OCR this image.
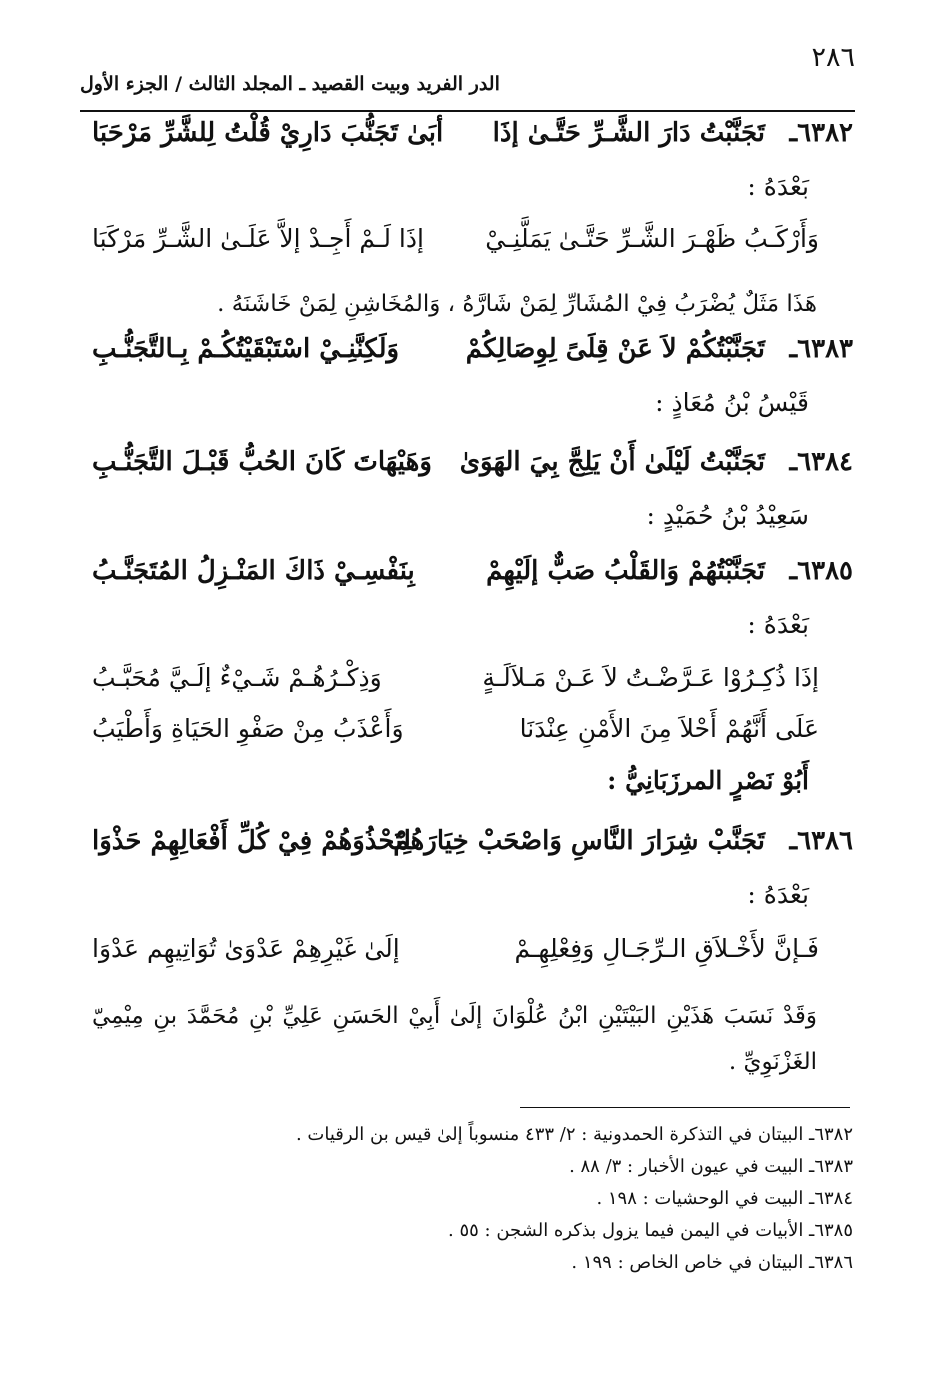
٢٨٦
الدر الفريد وبيت القصيد ـ المجلد الثالث / الجزء الأول
٦٣٨٢ـ
تَجَنَّبْتُ دَارَ الشَّـرِّ حَتَّـىٰ إذَا
أبَىٰ تَجَنُّبَ دَارِيْ قُلْتُ لِلشَّرِّ مَرْحَبَا
بَعْدَهُ :
وَأَرْكَـبُ ظَهْـرَ الشَّـرِّ حَتَّـىٰ يَمَلَّنِـيْ
إذَا لَـمْ أَجِـدْ إلاَّ عَلَـىٰ الشَّـرِّ مَرْكَبَا
هَذَا مَثَلٌ يُضْرَبُ فِيْ المُشَارِّ لِمَنْ شَارَّهُ ، وَالمُخَاشِنِ لِمَنْ خَاشَنَهُ .
٦٣٨٣ـ
تَجَنَّبْتُكُمْ لاَ عَنْ قِلَىً لِوِصَالِكُمْ
وَلَكِنَّنِـيْ اسْتَبْقَيْتُكُـمْ بِـالتَّجَنُّـبِ
قَيْسُ بْنُ مُعَاذٍ :
٦٣٨٤ـ
تَجَنَّبْتُ لَيْلَىٰ أَنْ يَلِجَّ بِيَ الهَوَىٰ
وَهَيْهَاتَ كَانَ الحُبُّ قَبْـلَ التَّجَنُّـبِ
سَعِيْدُ بْنُ حُمَيْدٍ :
٦٣٨٥ـ
تَجَنَّبْتُهُمْ وَالقَلْبُ صَبٌّ إلَيْهِمْ
بِنَفْسِـيْ ذَاكَ المَنْـزِلُ المُتَجَنَّـبُ
بَعْدَهُ :
إذَا ذُكِـرُوْا عَـرَّضْـتُ لاَ عَـنْ مَـلاَلَـةٍ
وَذِكْـرُهُـمْ شَـيْءٌ إلَـيَّ مُحَبَّـبُ
عَلَى أَنَّهُمْ أَحْلاَ مِنَ الأَمْنِ عِنْدَنَا
وَأَعْذَبُ مِنْ صَفْوِ الحَيَاةِ وَأَطْيَبُ
أَبُوْ نَصْرٍ المرزَبَانِيُّ :
٦٣٨٦ـ
تَجَنَّبْ شِرَارَ النَّاسِ وَاصْحَبْ خِيَارَهُمْ
لِتَحْذُوَهُمْ فِيْ كُلِّ أَفْعَالِهِمْ حَذْوَا
بَعْدَهُ :
فَـإنَّ لأَخْـلاَقِ الـرِّجَـالِ وَفِعْلِهِـمْ
إلَىٰ غَيْرِهِمْ عَدْوَىٰ تُوَاتِيهِم عَدْوَا
وَقَدْ نَسَبَ هَذَيْنِ البَيْتَيْنِ ابْنُ عُلْوَانَ إلَىٰ أَبِيْ الحَسَنِ عَلِيِّ بْنِ مُحَمَّدَ بنِ مِيْمِيّ الغَزْنَوِيِّ .
٦٣٨٢ـ البيتان في التذكرة الحمدونية : ٢/ ٤٣٣ منسوباً إلىٰ قيس بن الرقيات .
٦٣٨٣ـ البيت في عيون الأخبار : ٣/ ٨٨ .
٦٣٨٤ـ البيت في الوحشيات : ١٩٨ .
٦٣٨٥ـ الأبيات في اليمن فيما يزول بذكره الشجن : ٥٥ .
٦٣٨٦ـ البيتان في خاص الخاص : ١٩٩ .
